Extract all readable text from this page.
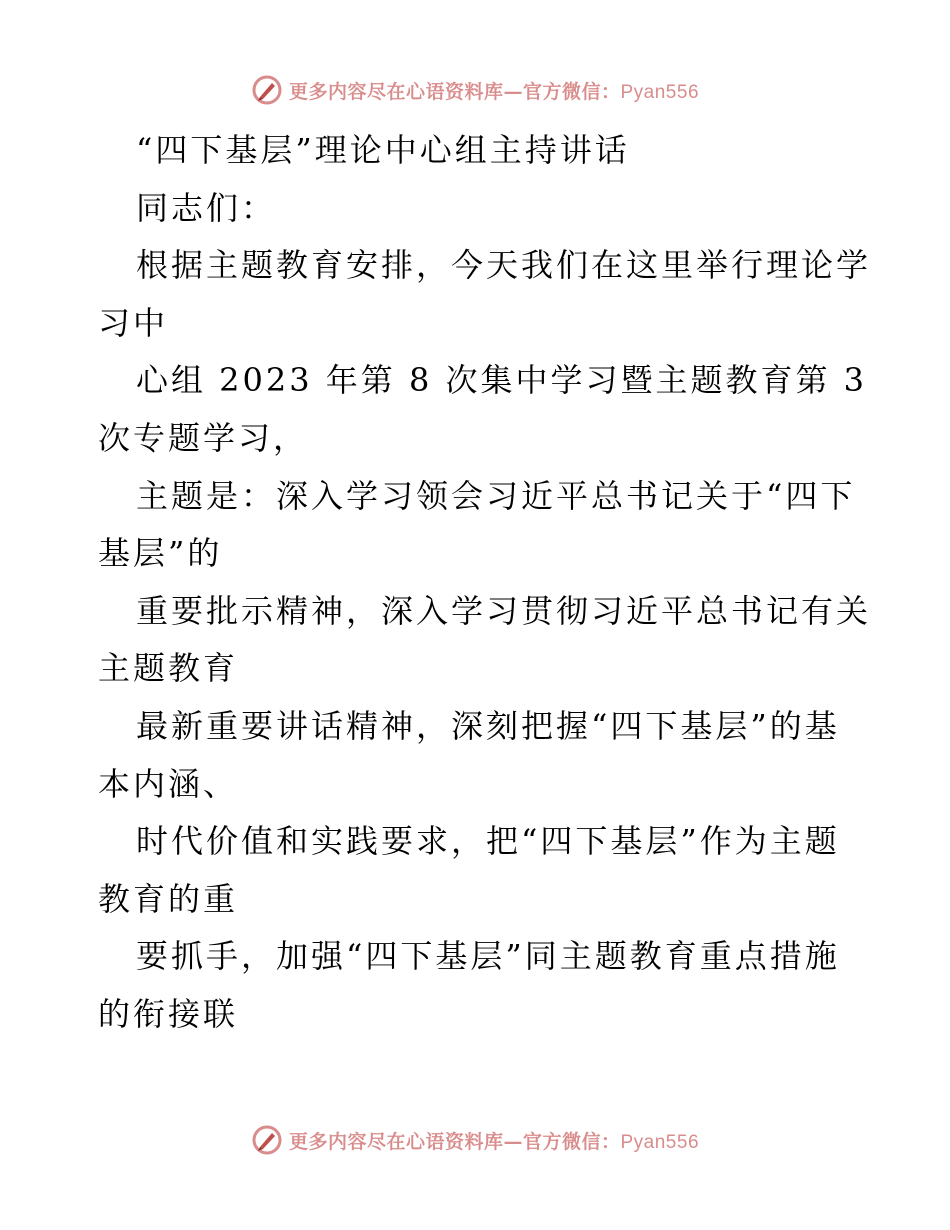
更多内容尽在心语资料库—官方微信：Pyan556
“四下基层”理论中心组主持讲话
同志们：
根据主题教育安排，今天我们在这里举行理论学
习中
心组 2023 年第 8 次集中学习暨主题教育第 3
次专题学习，
主题是：深入学习领会习近平总书记关于“四下
基层”的
重要批示精神，深入学习贯彻习近平总书记有关
主题教育
最新重要讲话精神，深刻把握“四下基层”的基
本内涵、
时代价值和实践要求，把“四下基层”作为主题
教育的重
要抓手，加强“四下基层”同主题教育重点措施
的衔接联
更多内容尽在心语资料库—官方微信：Pyan556
